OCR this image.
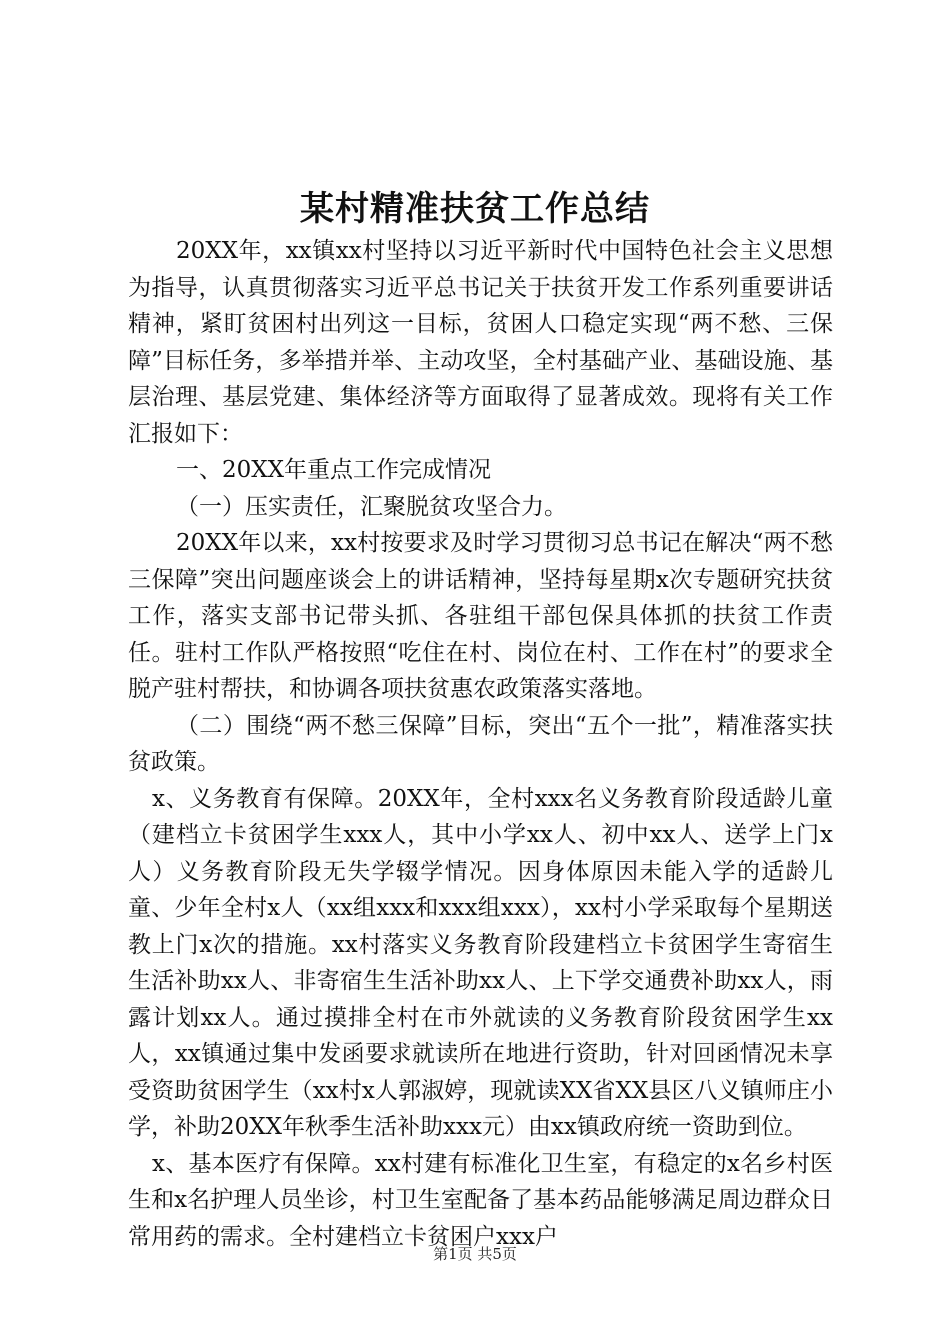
某村精准扶贫工作总结

20XX年，xx镇xx村坚持以习近平新时代中国特色社会主义思想为指导，认真贯彻落实习近平总书记关于扶贫开发工作系列重要讲话精神，紧盯贫困村出列这一目标，贫困人口稳定实现“两不愁、三保障”目标任务，多举措并举、主动攻坚，全村基础产业、基础设施、基层治理、基层党建、集体经济等方面取得了显著成效。现将有关工作汇报如下：

一、20XX年重点工作完成情况

（一）压实责任，汇聚脱贫攻坚合力。

20XX年以来，xx村按要求及时学习贯彻习总书记在解决“两不愁三保障”突出问题座谈会上的讲话精神，坚持每星期x次专题研究扶贫工作，落实支部书记带头抓、各驻组干部包保具体抓的扶贫工作责任。驻村工作队严格按照“吃住在村、岗位在村、工作在村”的要求全脱产驻村帮扶，和协调各项扶贫惠农政策落实落地。

（二）围绕“两不愁三保障”目标，突出“五个一批”，精准落实扶贫政策。

x、义务教育有保障。20XX年，全村xxx名义务教育阶段适龄儿童（建档立卡贫困学生xxx人，其中小学xx人、初中xx人、送学上门x人）义务教育阶段无失学辍学情况。因身体原因未能入学的适龄儿童、少年全村x人（xx组xxx和xxx组xxx），xx村小学采取每个星期送教上门x次的措施。xx村落实义务教育阶段建档立卡贫困学生寄宿生生活补助xx人、非寄宿生生活补助xx人、上下学交通费补助xx人，雨露计划xx人。通过摸排全村在市外就读的义务教育阶段贫困学生xx人，xx镇通过集中发函要求就读所在地进行资助，针对回函情况未享受资助贫困学生（xx村x人郭淑婷，现就读XX省XX县区八义镇师庄小学，补助20XX年秋季生活补助xxx元）由xx镇政府统一资助到位。

x、基本医疗有保障。xx村建有标准化卫生室，有稳定的x名乡村医生和x名护理人员坐诊，村卫生室配备了基本药品能够满足周边群众日常用药的需求。全村建档立卡贫困户xxx户

第1页 共5页
